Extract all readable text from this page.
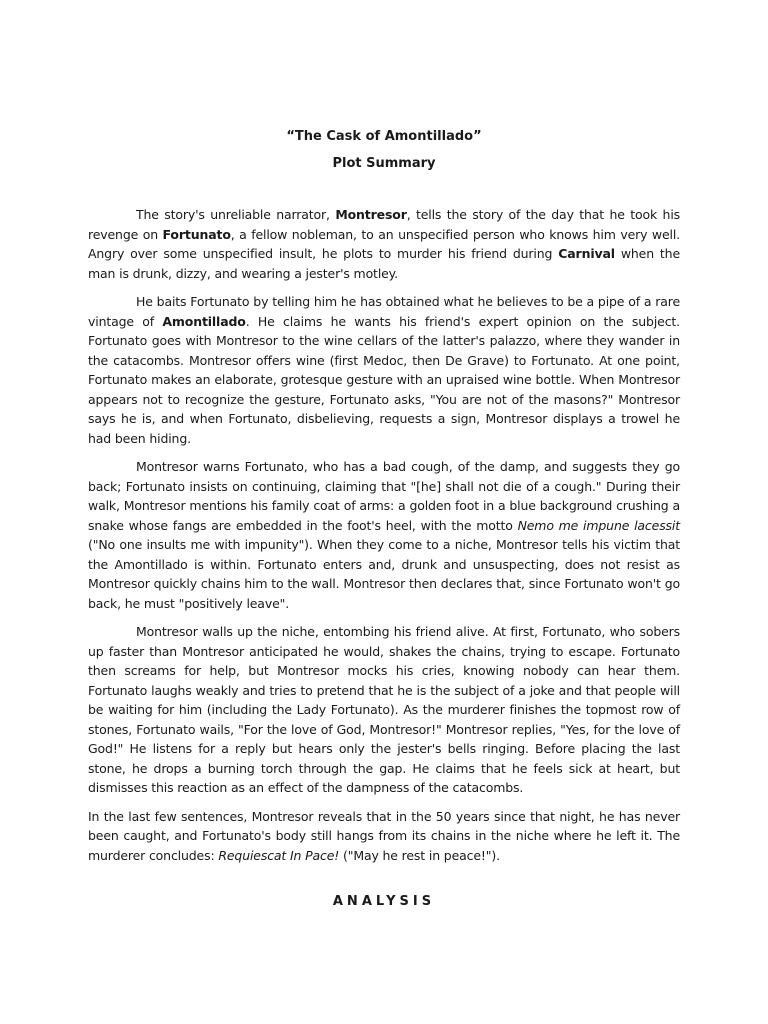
“The Cask of Amontillado”
Plot Summary

The story's unreliable narrator, Montresor, tells the story of the day that he took his revenge on Fortunato, a fellow nobleman, to an unspecified person who knows him very well. Angry over some unspecified insult, he plots to murder his friend during Carnival when the man is drunk, dizzy, and wearing a jester's motley.

He baits Fortunato by telling him he has obtained what he believes to be a pipe of a rare vintage of Amontillado. He claims he wants his friend's expert opinion on the subject. Fortunato goes with Montresor to the wine cellars of the latter's palazzo, where they wander in the catacombs. Montresor offers wine (first Medoc, then De Grave) to Fortunato. At one point, Fortunato makes an elaborate, grotesque gesture with an upraised wine bottle. When Montresor appears not to recognize the gesture, Fortunato asks, "You are not of the masons?" Montresor says he is, and when Fortunato, disbelieving, requests a sign, Montresor displays a trowel he had been hiding.

Montresor warns Fortunato, who has a bad cough, of the damp, and suggests they go back; Fortunato insists on continuing, claiming that "[he] shall not die of a cough." During their walk, Montresor mentions his family coat of arms: a golden foot in a blue background crushing a snake whose fangs are embedded in the foot's heel, with the motto Nemo me impune lacessit ("No one insults me with impunity"). When they come to a niche, Montresor tells his victim that the Amontillado is within. Fortunato enters and, drunk and unsuspecting, does not resist as Montresor quickly chains him to the wall. Montresor then declares that, since Fortunato won't go back, he must "positively leave".

Montresor walls up the niche, entombing his friend alive. At first, Fortunato, who sobers up faster than Montresor anticipated he would, shakes the chains, trying to escape. Fortunato then screams for help, but Montresor mocks his cries, knowing nobody can hear them. Fortunato laughs weakly and tries to pretend that he is the subject of a joke and that people will be waiting for him (including the Lady Fortunato). As the murderer finishes the topmost row of stones, Fortunato wails, "For the love of God, Montresor!" Montresor replies, "Yes, for the love of God!" He listens for a reply but hears only the jester's bells ringing. Before placing the last stone, he drops a burning torch through the gap. He claims that he feels sick at heart, but dismisses this reaction as an effect of the dampness of the catacombs.

In the last few sentences, Montresor reveals that in the 50 years since that night, he has never been caught, and Fortunato's body still hangs from its chains in the niche where he left it. The murderer concludes: Requiescat In Pace! ("May he rest in peace!").

ANALYSIS
